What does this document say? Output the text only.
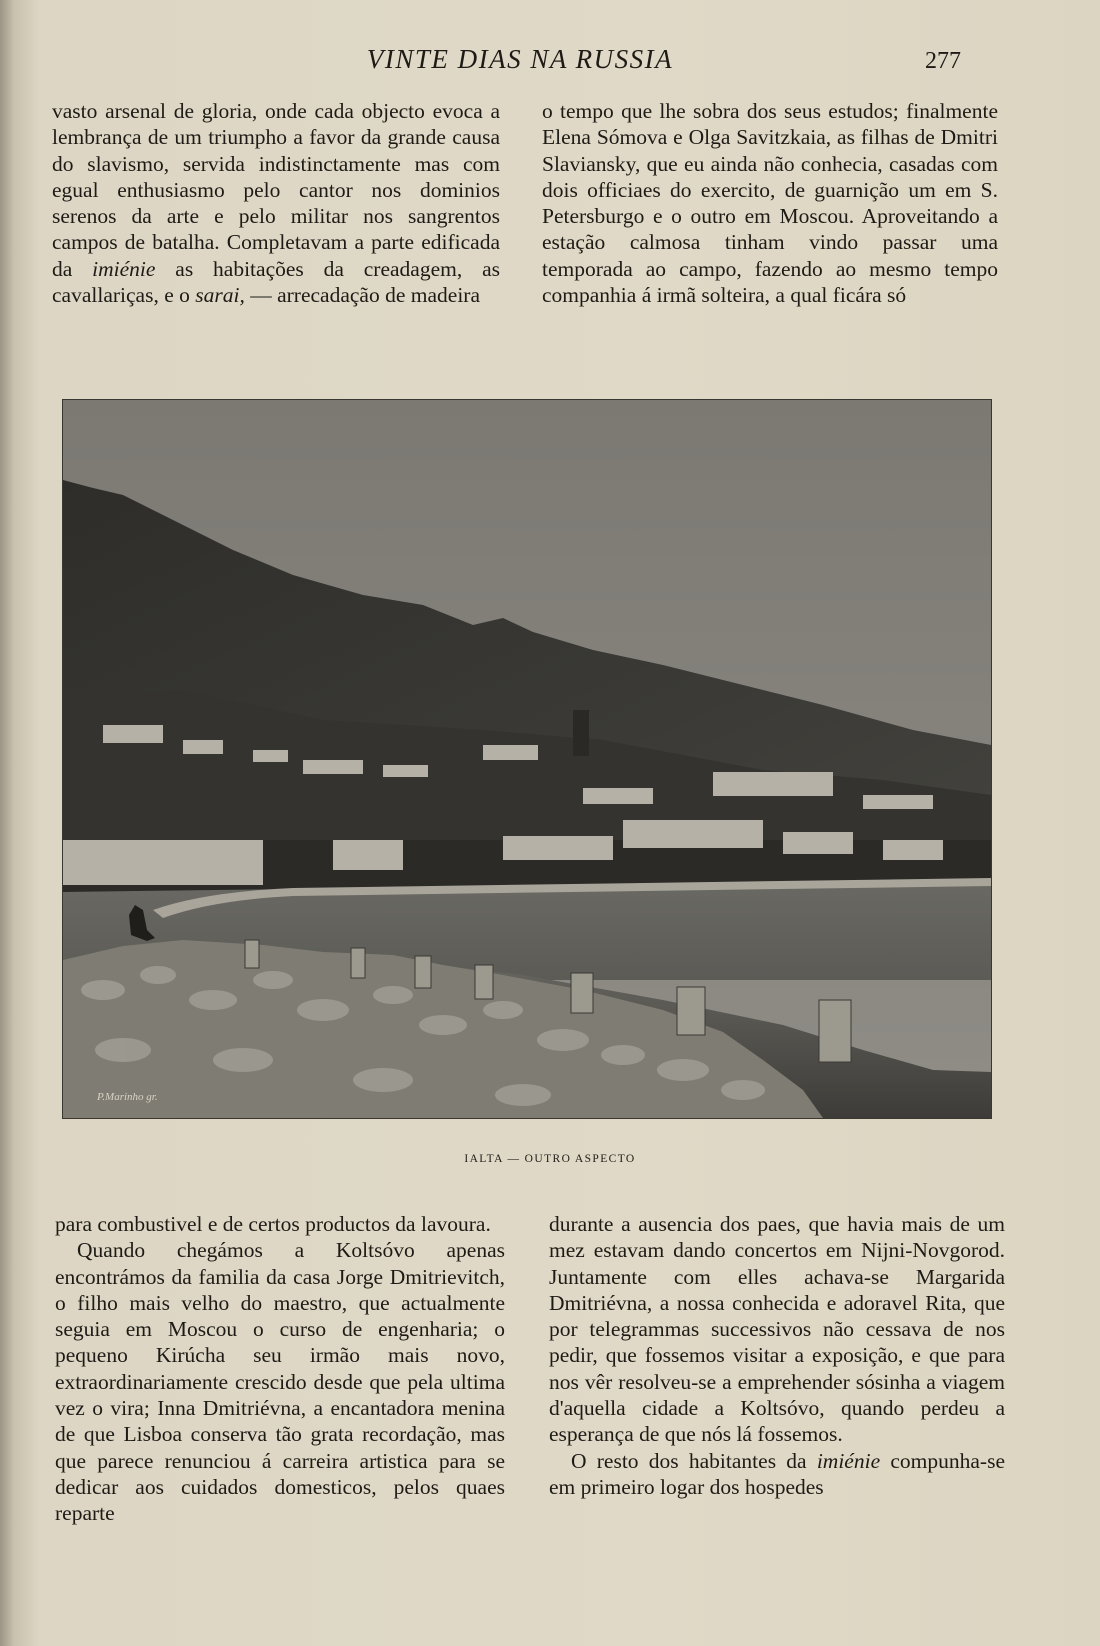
VINTE DIAS NA RUSSIA	277

vasto arsenal de gloria, onde cada objecto evoca a lembrança de um triumpho a favor da grande causa do slavismo, servida indistinctamente mas com egual enthusiasmo pelo cantor nos dominios serenos da arte e pelo militar nos sangrentos campos de batalha. Completavam a parte edificada da imiénie as habitações da creadagem, as cavallariças, e o sarai, — arrecadação de madeira

o tempo que lhe sobra dos seus estudos; finalmente Elena Sómova e Olga Savitzkaia, as filhas de Dmitri Slaviansky, que eu ainda não conhecia, casadas com dois officiaes do exercito, de guarnição um em S. Petersburgo e o outro em Moscou. Aproveitando a estação calmosa tinham vindo passar uma temporada ao campo, fazendo ao mesmo tempo companhia á irmã solteira, a qual ficára só

P.Marinho gr.
IALTA — OUTRO ASPECTO

para combustivel e de certos productos da lavoura.

Quando chegámos a Koltsóvo apenas encontrámos da familia da casa Jorge Dmitrievitch, o filho mais velho do maestro, que actualmente seguia em Moscou o curso de engenharia; o pequeno Kirúcha seu irmão mais novo, extraordinariamente crescido desde que pela ultima vez o vira; Inna Dmitriévna, a encantadora menina de que Lisboa conserva tão grata recordação, mas que parece renunciou á carreira artistica para se dedicar aos cuidados domesticos, pelos quaes reparte

durante a ausencia dos paes, que havia mais de um mez estavam dando concertos em Nijni-Novgorod. Juntamente com elles achava-se Margarida Dmitriévna, a nossa conhecida e adoravel Rita, que por telegrammas successivos não cessava de nos pedir, que fossemos visitar a exposição, e que para nos vêr resolveu-se a emprehender sósinha a viagem d'aquella cidade a Koltsóvo, quando perdeu a esperança de que nós lá fossemos.

O resto dos habitantes da imiénie compunha-se em primeiro logar dos hospedes
